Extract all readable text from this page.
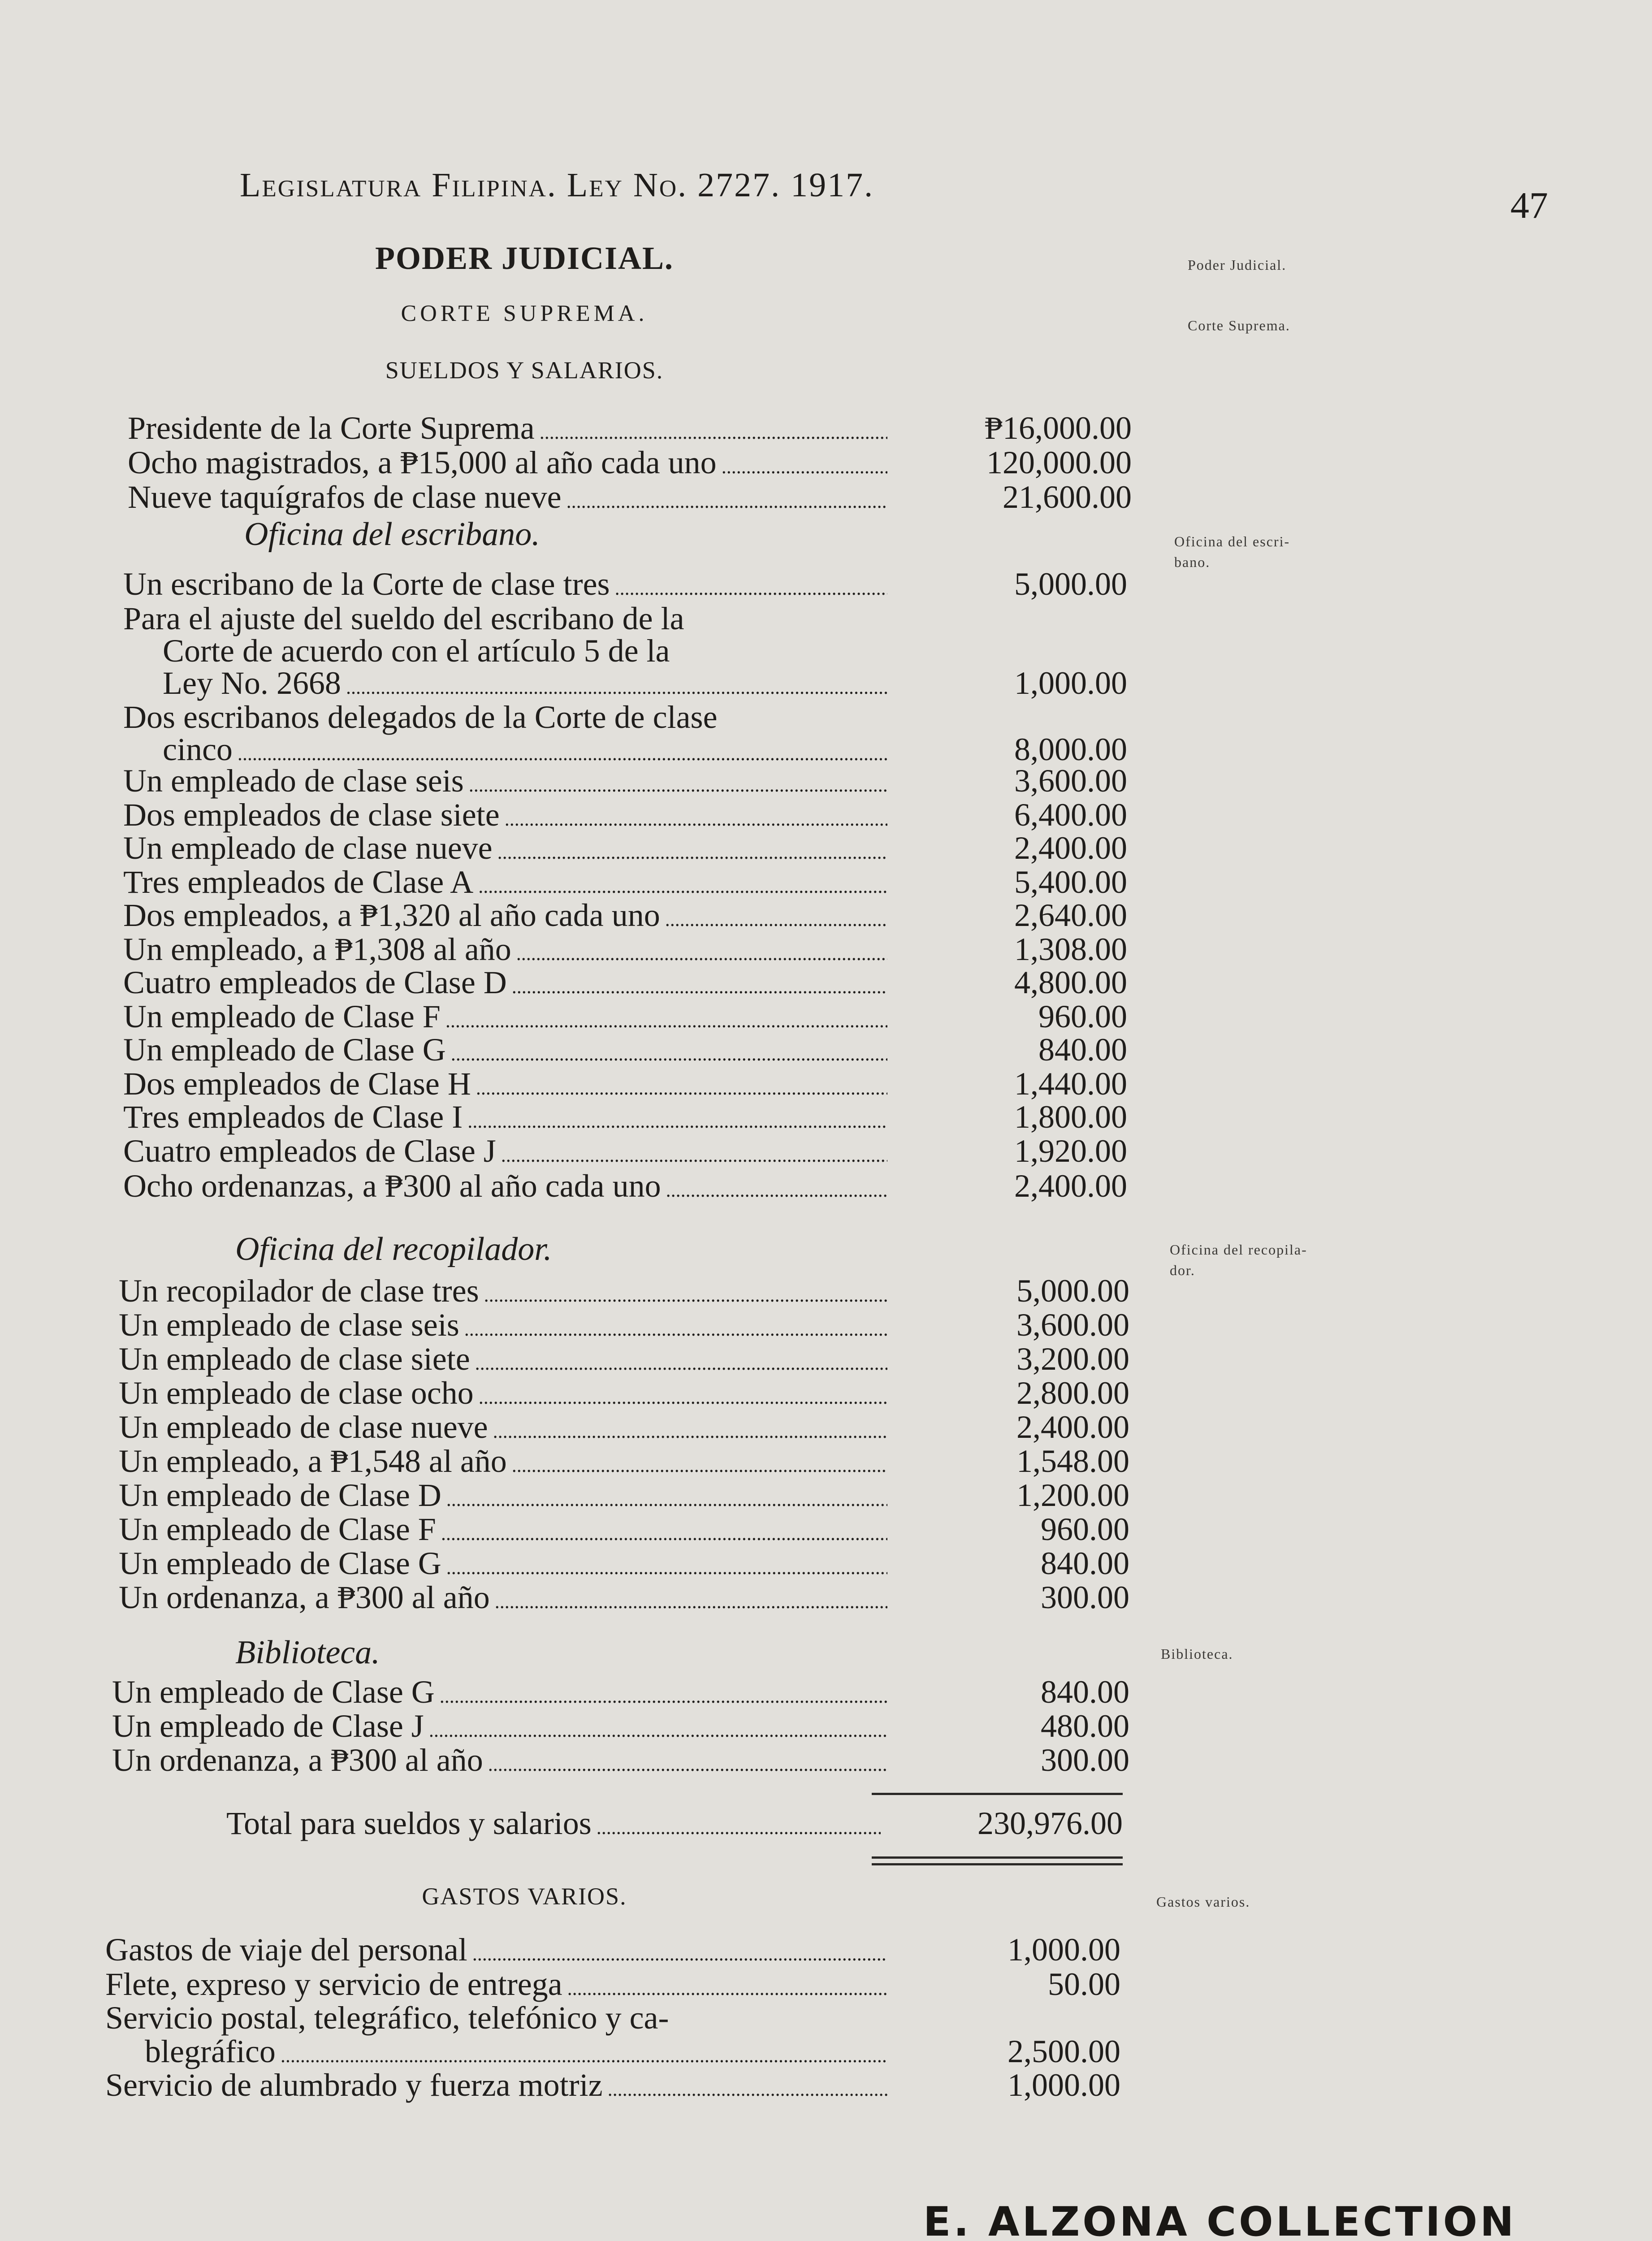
Legislatura Filipina. Ley No. 2727. 1917.	47
PODER JUDICIAL.
CORTE SUPREMA.
SUELDOS Y SALARIOS.
GASTOS VARIOS.
Poder Judicial.
Corte Suprema.
Oficina del escri-
bano.
Oficina del recopila-
dor.
Biblioteca.
Gastos varios.
Oficina del escribano.
Oficina del recopilador.
Biblioteca.
Presidente de la Corte Suprema .....	₱16,000.00
Ocho magistrados, a ₱15,000 al año cada uno .....	120,000.00
Nueve taquígrafos de clase nueve .....	21,600.00
Un escribano de la Corte de clase tres .....	5,000.00
Para el ajuste del sueldo del escribano de la
Corte de acuerdo con el artículo 5 de la
Ley No. 2668 .....	1,000.00
Dos escribanos delegados de la Corte de clase
cinco .....	8,000.00
Un empleado de clase seis .....	3,600.00
Dos empleados de clase siete .....	6,400.00
Un empleado de clase nueve .....	2,400.00
Tres empleados de Clase A .....	5,400.00
Dos empleados, a ₱1,320 al año cada uno .....	2,640.00
Un empleado, a ₱1,308 al año .....	1,308.00
Cuatro empleados de Clase D .....	4,800.00
Un empleado de Clase F .....	960.00
Un empleado de Clase G .....	840.00
Dos empleados de Clase H .....	1,440.00
Tres empleados de Clase I .....	1,800.00
Cuatro empleados de Clase J .....	1,920.00
Ocho ordenanzas, a ₱300 al año cada uno .....	2,400.00
Un recopilador de clase tres .....	5,000.00
Un empleado de clase seis .....	3,600.00
Un empleado de clase siete .....	3,200.00
Un empleado de clase ocho .....	2,800.00
Un empleado de clase nueve .....	2,400.00
Un empleado, a ₱1,548 al año .....	1,548.00
Un empleado de Clase D .....	1,200.00
Un empleado de Clase F .....	960.00
Un empleado de Clase G .....	840.00
Un ordenanza, a ₱300 al año .....	300.00
Un empleado de Clase G .....	840.00
Un empleado de Clase J .....	480.00
Un ordenanza, a ₱300 al año .....	300.00
Gastos de viaje del personal .....	1,000.00
Flete, expreso y servicio de entrega .....	50.00
Servicio postal, telegráfico, telefónico y ca-
blegráfico .....	2,500.00
Servicio de alumbrado y fuerza motriz .....	1,000.00
Total para sueldos y salarios .....	230,976.00
E. ALZONA COLLECTION
